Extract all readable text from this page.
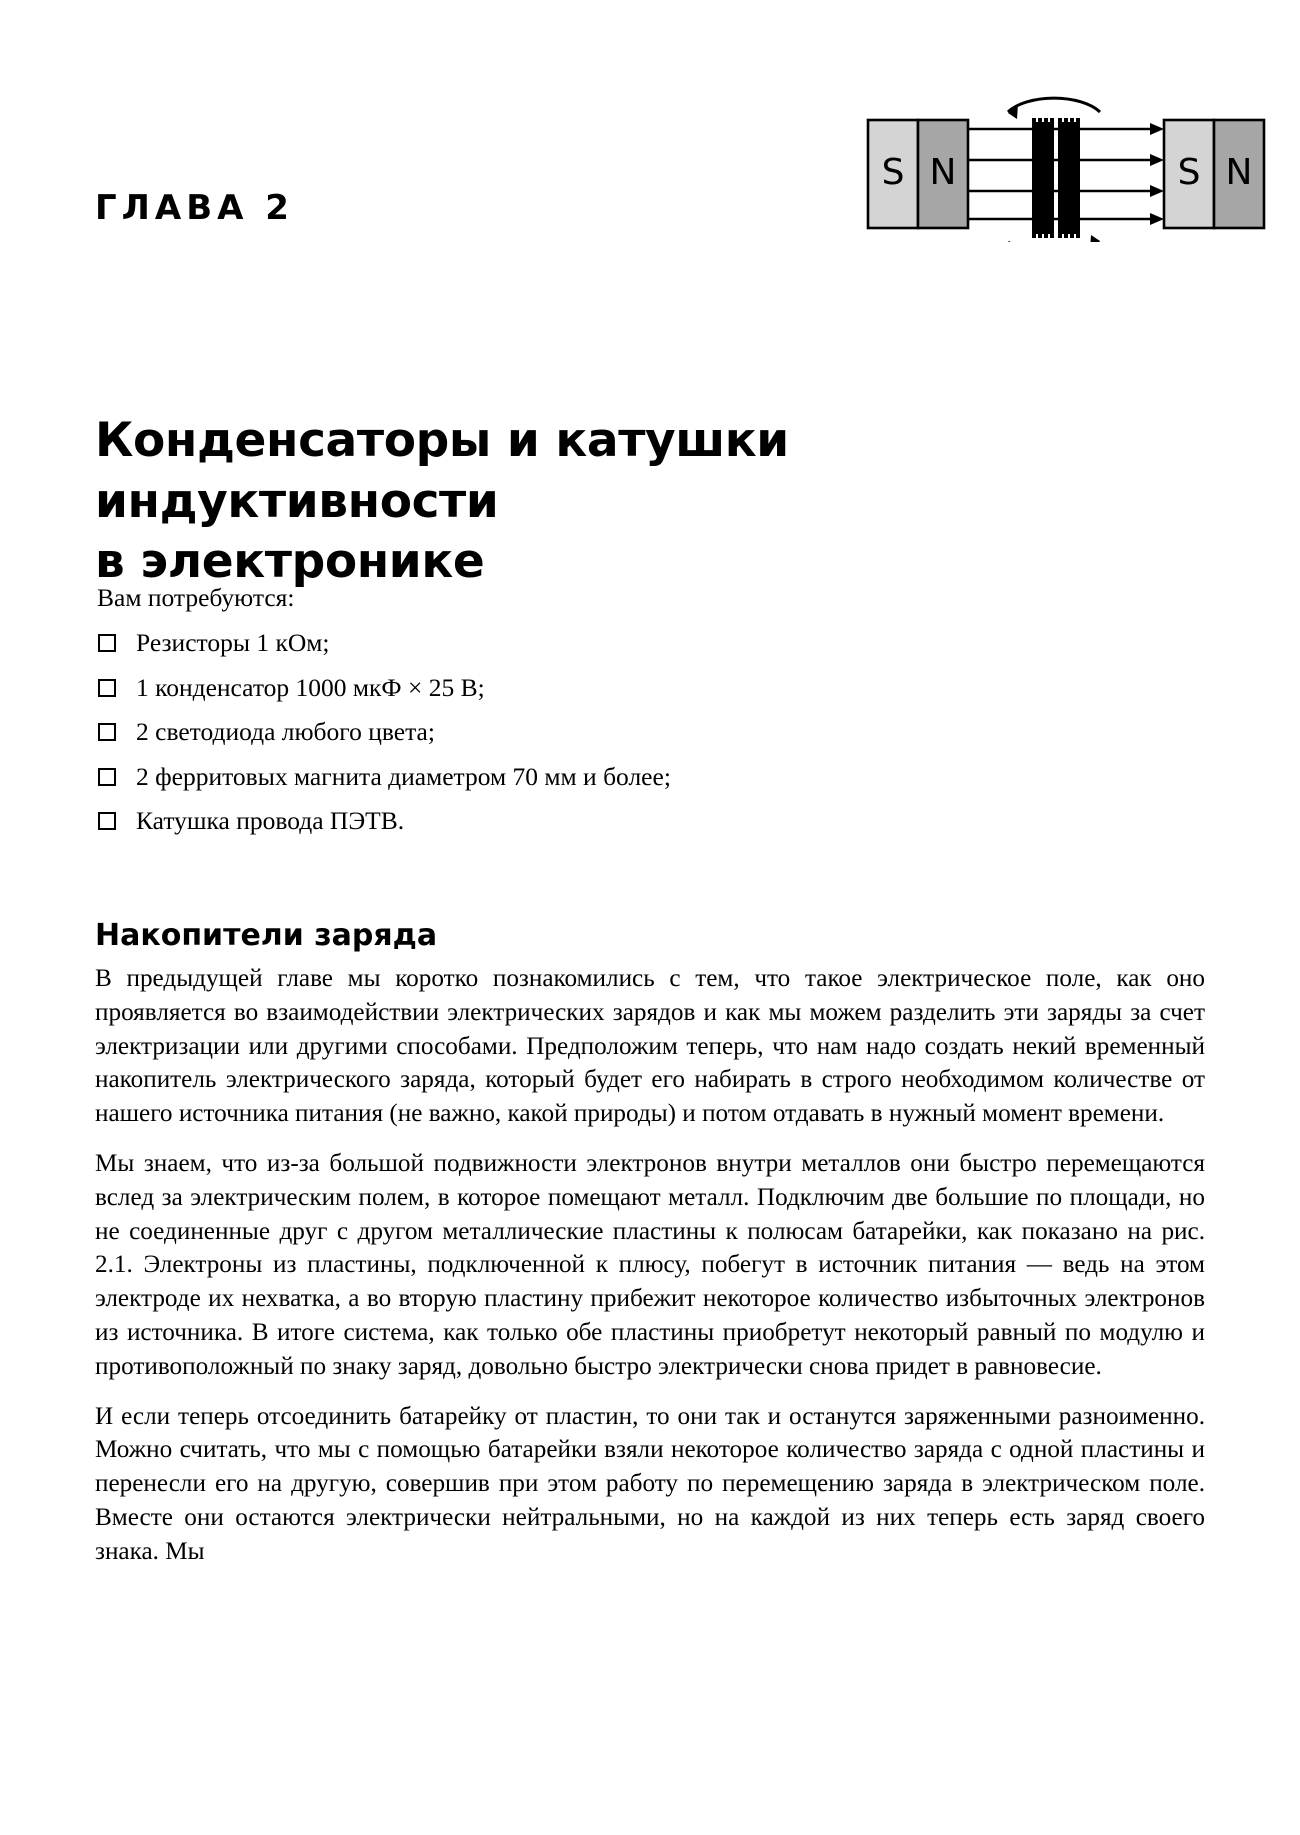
S N	S N
ГЛАВА 2
Конденсаторы и катушки индуктивности
в электронике
Вам потребуются:
Резисторы 1 кОм;
1 конденсатор 1000 мкФ × 25 В;
2 светодиода любого цвета;
2 ферритовых магнита диаметром 70 мм и более;
Катушка провода ПЭТВ.
Накопители заряда

В предыдущей главе мы коротко познакомились с тем, что такое электрическое поле, как оно проявляется во взаимодействии электрических зарядов и как мы можем разделить эти заряды за счет электризации или другими способами. Предположим теперь, что нам надо создать некий временный накопитель электрического заряда, который будет его набирать в строго необходимом количестве от нашего источника питания (не важно, какой природы) и потом отдавать в нужный момент времени.

Мы знаем, что из-за большой подвижности электронов внутри металлов они быстро перемещаются вслед за электрическим полем, в которое помещают металл. Подключим две большие по площади, но не соединенные друг с другом металлические пластины к полюсам батарейки, как показано на рис. 2.1. Электроны из пластины, подключенной к плюсу, побегут в источник питания — ведь на этом электроде их нехватка, а во вторую пластину прибежит некоторое количество избыточных электронов из источника. В итоге система, как только обе пластины приобретут некоторый равный по модулю и противоположный по знаку заряд, довольно быстро электрически снова придет в равновесие.

И если теперь отсоединить батарейку от пластин, то они так и останутся заряженными разноименно. Можно считать, что мы с помощью батарейки взяли некоторое количество заряда с одной пластины и перенесли его на другую, совершив при этом работу по перемещению заряда в электрическом поле. Вместе они остаются электрически нейтральными, но на каждой из них теперь есть заряд своего знака. Мы
